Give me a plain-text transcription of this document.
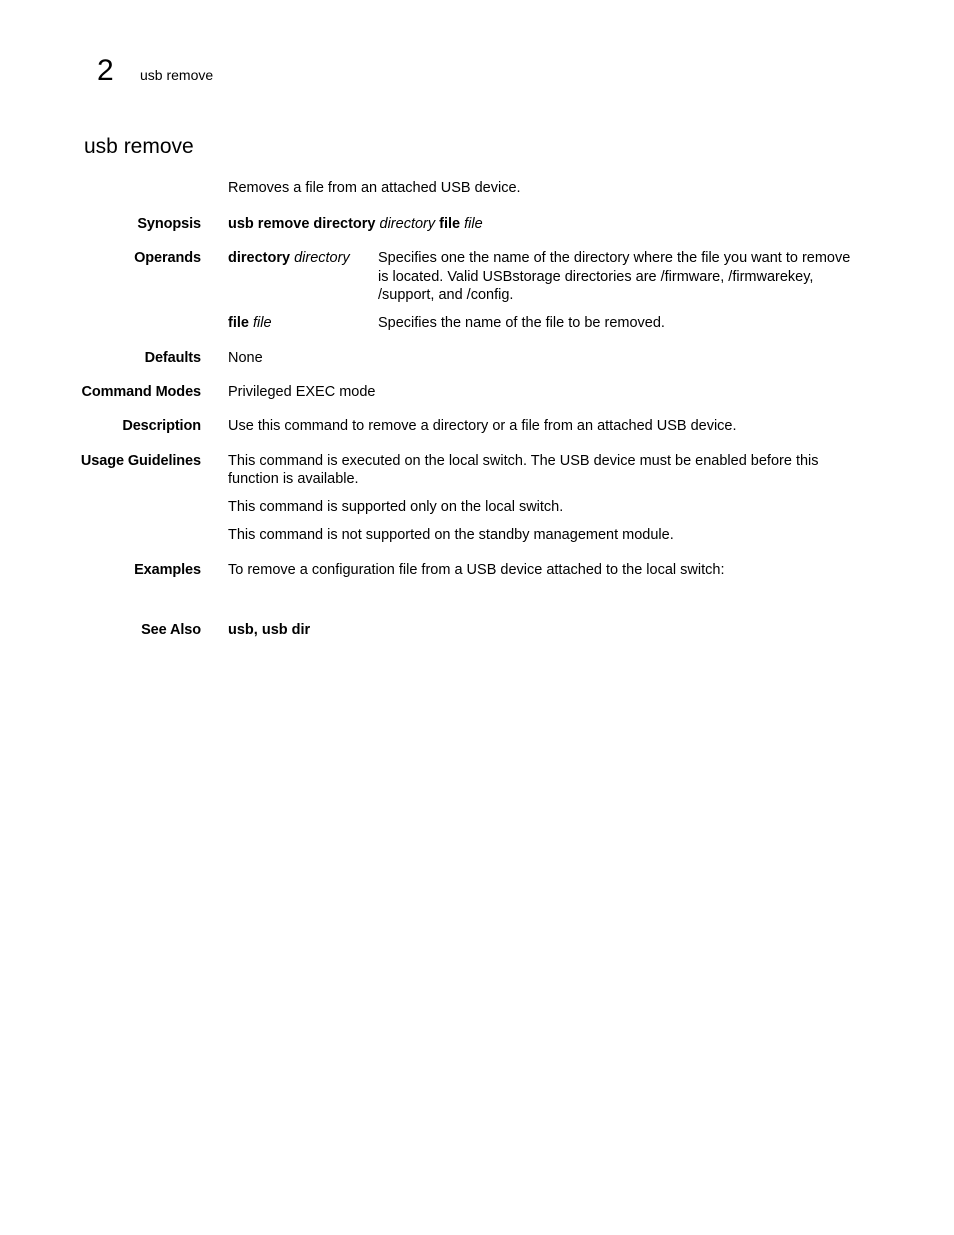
2 usb remove
usb remove
Removes a file from an attached USB device.
Synopsis usb remove directory directory file file
Operands directory directory Specifies one the name of the directory where the file you want to remove
is located. Valid USBstorage directories are /firmware, /firmwarekey,
/support, and /config.
file file	Specifies the name of the file to be removed.
Defaults None
Command Modes Privileged EXEC mode
Description Use this command to remove a directory or a file from an attached USB device.
Usage Guidelines This command is executed on the local switch. The USB device must be enabled before this
function is available.
This command is supported only on the local switch.
This command is not supported on the standby management module.
Examples To remove a configuration file from a USB device attached to the local switch:
See Also usb, usb dir
